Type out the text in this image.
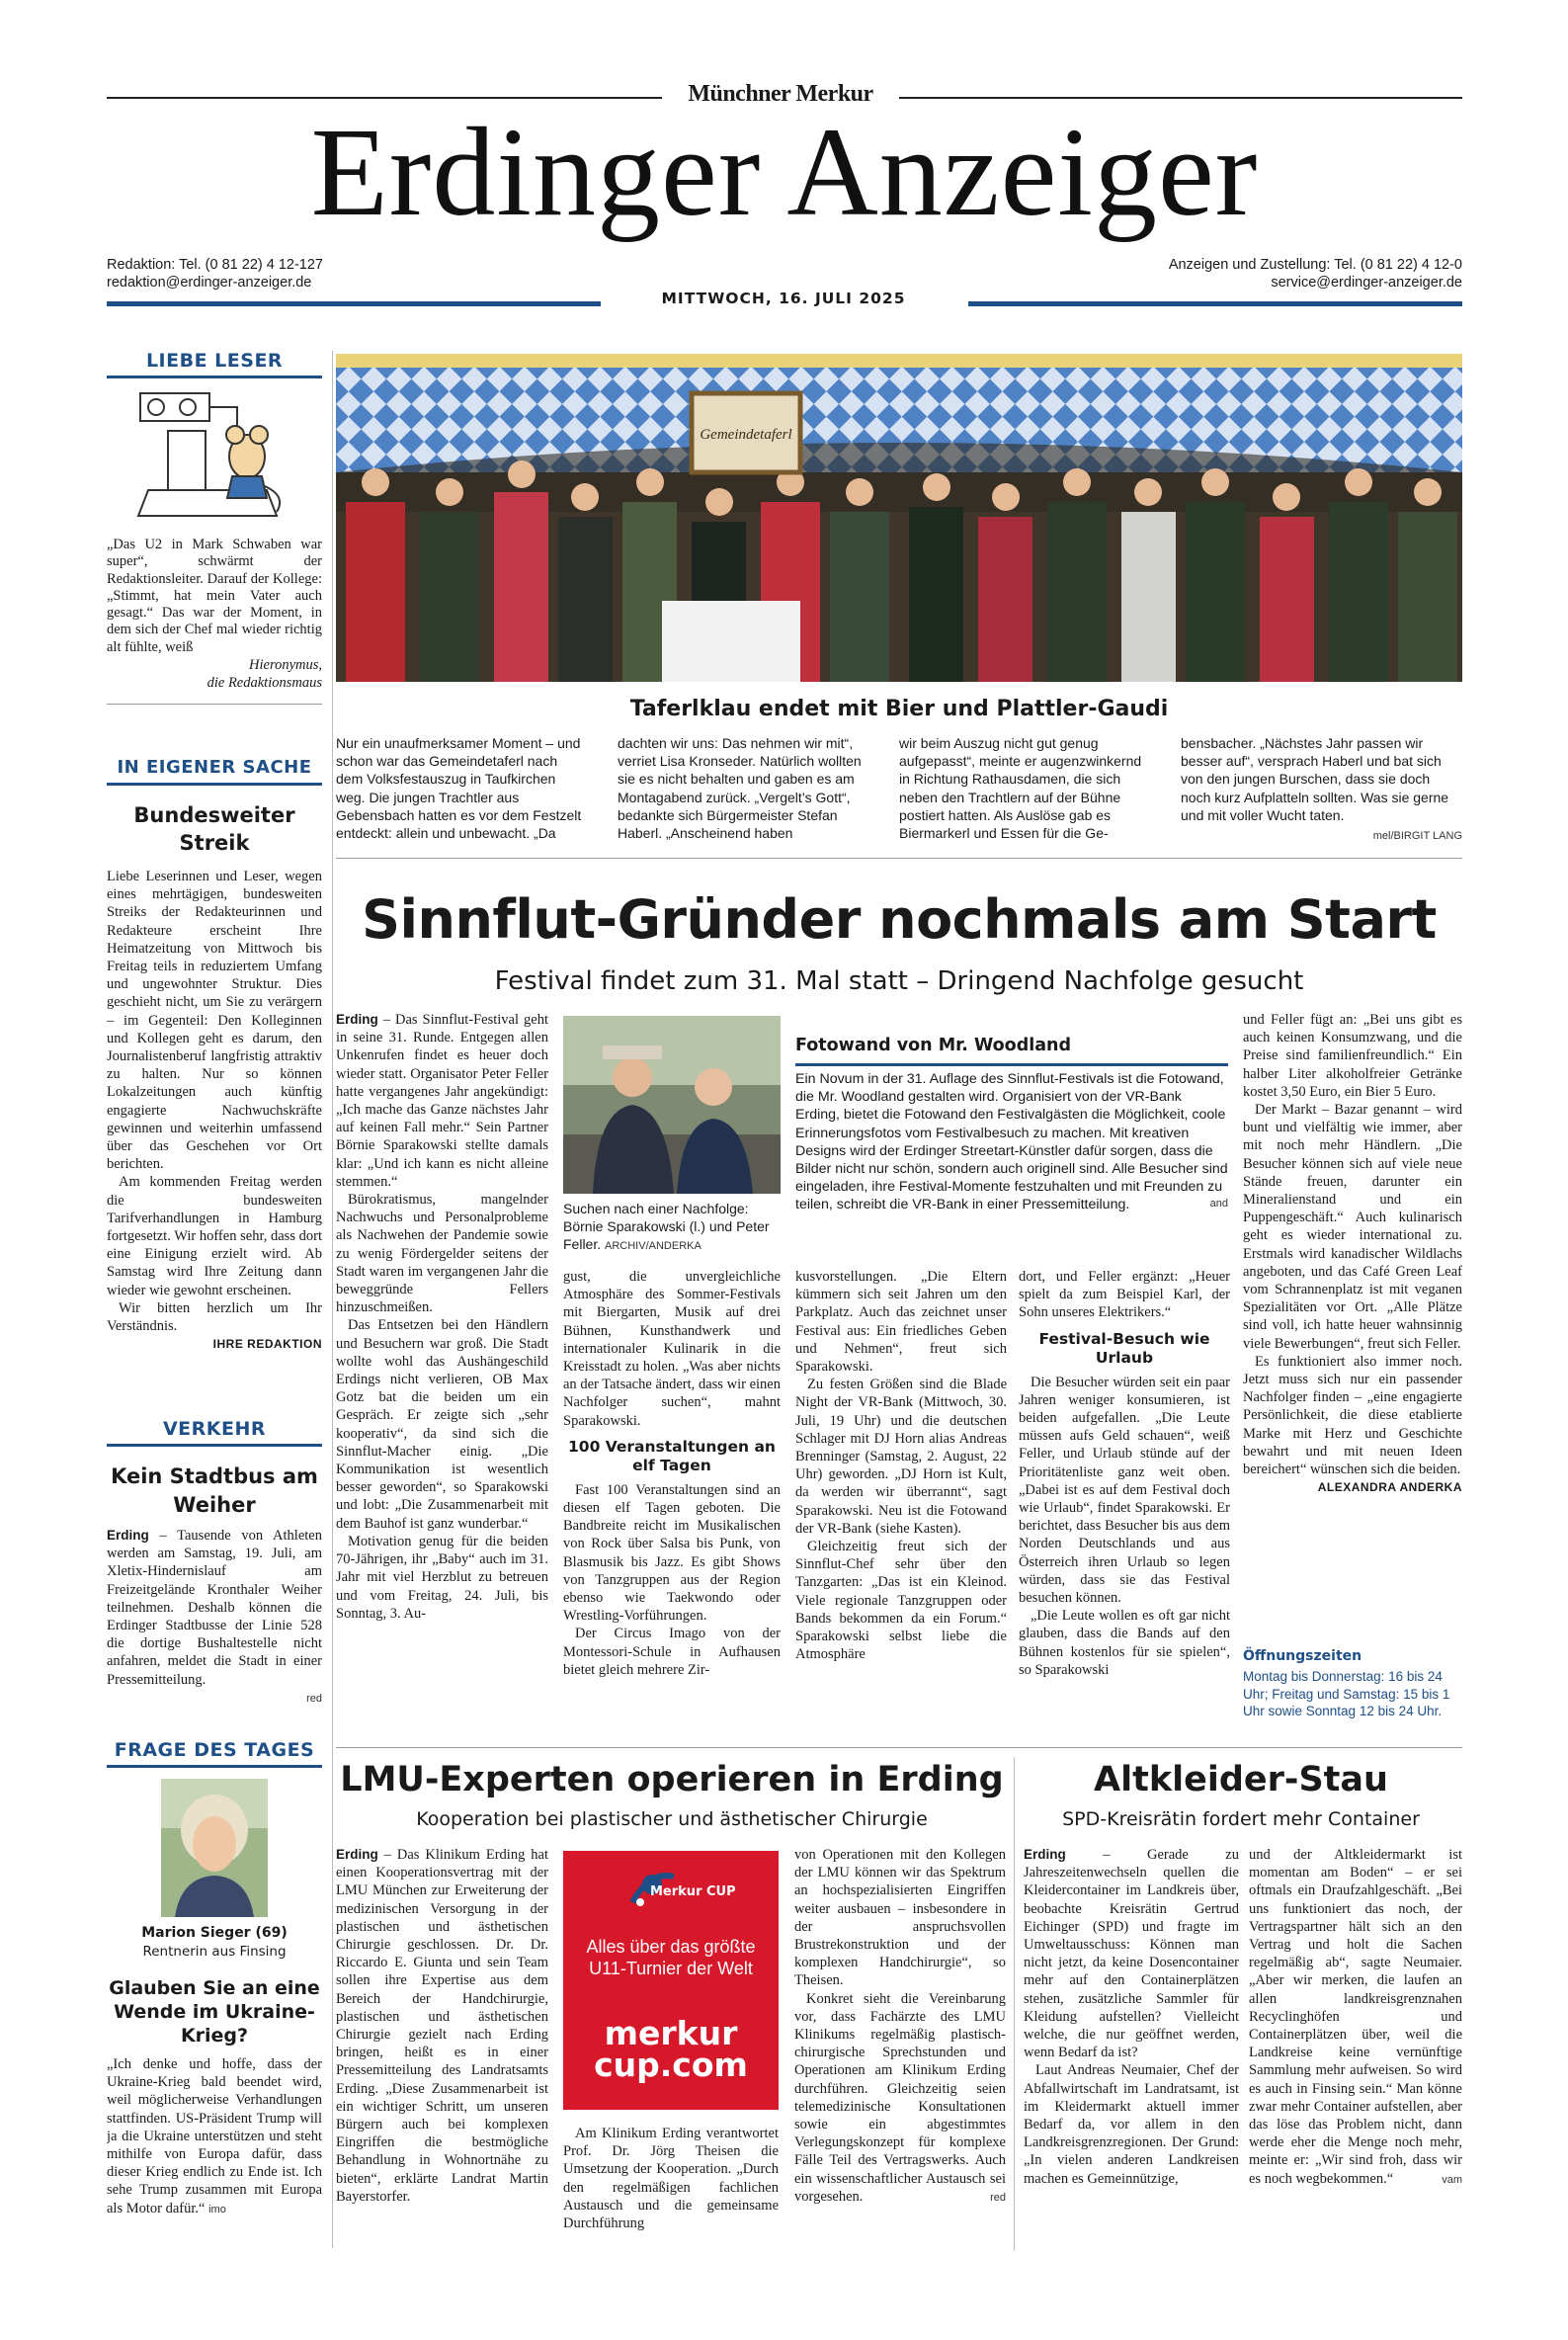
Münchner Merkur
Erdinger Anzeiger
Redaktion: Tel. (0 81 22) 4 12-127
redaktion@erdinger-anzeiger.de
MITTWOCH, 16. JULI 2025
Anzeigen und Zustellung: Tel. (0 81 22) 4 12-0
service@erdinger-anzeiger.de
LIEBE LESER
„Das U2 in Mark Schwaben war super“, schwärmt der Redaktionsleiter. Darauf der Kollege: „Stimmt, hat mein Vater auch gesagt.“ Das war der Moment, in dem sich der Chef mal wieder richtig alt fühlte, weiß
Hieronymus,
die Redaktionsmaus
IN EIGENER SACHE
Bundesweiter Streik

Liebe Leserinnen und Leser, wegen eines mehrtägigen, bundesweiten Streiks der Redakteurinnen und Redakteure erscheint Ihre Heimatzeitung von Mittwoch bis Freitag teils in reduziertem Umfang und ungewohnter Struktur. Dies geschieht nicht, um Sie zu verärgern – im Gegenteil: Den Kolleginnen und Kollegen geht es darum, den Journalistenberuf langfristig attraktiv zu halten. Nur so können Lokalzeitungen auch künftig engagierte Nachwuchskräfte gewinnen und weiterhin umfassend über das Geschehen vor Ort berichten.

Am kommenden Freitag werden die bundesweiten Tarifverhandlungen in Hamburg fortgesetzt. Wir hoffen sehr, dass dort eine Einigung erzielt wird. Ab Samstag wird Ihre Zeitung dann wieder wie gewohnt erscheinen.

Wir bitten herzlich um Ihr Verständnis.

IHRE REDAKTION
VERKEHR
Kein Stadtbus am Weiher

Erding – Tausende von Athleten werden am Samstag, 19. Juli, am Xletix-Hindernislauf am Freizeitgelände Kronthaler Weiher teilnehmen. Deshalb können die Erdinger Stadtbusse der Linie 528 die dortige Bushaltestelle nicht anfahren, meldet die Stadt in einer Pressemitteilung.

red
FRAGE DES TAGES
Marion Sieger (69)
Rentnerin aus Finsing
Glauben Sie an eine Wende im Ukraine-Krieg?

„Ich denke und hoffe, dass der Ukraine-Krieg bald beendet wird, weil möglicherweise Verhandlungen stattfinden. US-Präsident Trump will ja die Ukraine unterstützen und steht mithilfe von Europa dafür, dass dieser Krieg endlich zu Ende ist. Ich sehe Trump zusammen mit Europa als Motor dafür.“ imo

Gemeindetaferl
Taferlklau endet mit Bier und Plattler-Gaudi
Nur ein unaufmerksamer Moment – und schon war das Gemeindetaferl nach dem Volksfestauszug in Taufkirchen weg. Die jungen Trachtler aus Gebensbach hatten es vor dem Festzelt entdeckt: allein und unbewacht. „Da
dachten wir uns: Das nehmen wir mit“, verriet Lisa Kronseder. Natürlich wollten sie es nicht behalten und gaben es am Montagabend zurück. „Vergelt’s Gott“, bedankte sich Bürgermeister Stefan Haberl. „Anscheinend haben
wir beim Auszug nicht gut genug aufgepasst“, meinte er augenzwinkernd in Richtung Rathausdamen, die sich neben den Trachtlern auf der Bühne postiert hatten. Als Auslöse gab es Biermarkerl und Essen für die Ge-
bensbacher. „Nächstes Jahr passen wir besser auf“, versprach Haberl und bat sich von den jungen Burschen, dass sie doch noch kurz Aufplatteln sollten. Was sie gerne und mit voller Wucht taten.
mel/BIRGIT LANG
Sinnflut-Gründer nochmals am Start
Festival findet zum 31. Mal statt – Dringend Nachfolge gesucht

Erding – Das Sinnflut-Festival geht in seine 31. Runde. Entgegen allen Unkenrufen findet es heuer doch wieder statt. Organisator Peter Feller hatte vergangenes Jahr angekündigt: „Ich mache das Ganze nächstes Jahr auf keinen Fall mehr.“ Sein Partner Börnie Sparakowski stellte damals klar: „Und ich kann es nicht alleine stemmen.“

Bürokratismus, mangelnder Nachwuchs und Personalprobleme als Nachwehen der Pandemie sowie zu wenig Fördergelder seitens der Stadt waren im vergangenen Jahr die beweggründe Fellers hinzuschmeißen.

Das Entsetzen bei den Händlern und Besuchern war groß. Die Stadt wollte wohl das Aushängeschild Erdings nicht verlieren, OB Max Gotz bat die beiden um ein Gespräch. Er zeigte sich „sehr kooperativ“, da sind sich die Sinnflut-Macher einig. „Die Kommunikation ist wesentlich besser geworden“, so Sparakowski und lobt: „Die Zusammenarbeit mit dem Bauhof ist ganz wunderbar.“

Motivation genug für die beiden 70-Jährigen, ihr „Baby“ auch im 31. Jahr mit viel Herzblut zu betreuen und vom Freitag, 24. Juli, bis Sonntag, 3. Au-

Suchen nach einer Nachfolge: Börnie Sparakowski (l.) und Peter Feller. ARCHIV/ANDERKA
Fotowand von Mr. Woodland
Ein Novum in der 31. Auflage des Sinnflut-Festivals ist die Fotowand, die Mr. Woodland gestalten wird. Organisiert von der VR-Bank Erding, bietet die Fotowand den Festivalgästen die Möglichkeit, coole Erinnerungsfotos vom Festivalbesuch zu machen. Mit kreativen Designs wird der Erdinger Streetart-Künstler dafür sorgen, dass die Bilder nicht nur schön, sondern auch originell sind. Alle Besucher sind eingeladen, ihre Festival-Momente festzuhalten und mit Freunden zu teilen, schreibt die VR-Bank in einer Pressemitteilung.	and

gust, die unvergleichliche Atmosphäre des Sommer-Festivals mit Biergarten, Musik auf drei Bühnen, Kunsthandwerk und internationaler Kulinarik in die Kreisstadt zu holen. „Was aber nichts an der Tatsache ändert, dass wir einen Nachfolger suchen“, mahnt Sparakowski.

100 Veranstaltungen an elf Tagen

Fast 100 Veranstaltungen sind an diesen elf Tagen geboten. Die Bandbreite reicht im Musikalischen von Rock über Salsa bis Punk, von Blasmusik bis Jazz. Es gibt Shows von Tanzgruppen aus der Region ebenso wie Taekwondo oder Wrestling-Vorführungen.

Der Circus Imago von der Montessori-Schule in Aufhausen bietet gleich mehrere Zir-

kusvorstellungen. „Die Eltern kümmern sich seit Jahren um den Parkplatz. Auch das zeichnet unser Festival aus: Ein friedliches Geben und Nehmen“, freut sich Sparakowski.

Zu festen Größen sind die Blade Night der VR-Bank (Mittwoch, 30. Juli, 19 Uhr) und die deutschen Schlager mit DJ Horn alias Andreas Brenninger (Samstag, 2. August, 22 Uhr) geworden. „DJ Horn ist Kult, da werden wir überrannt“, sagt Sparakowski. Neu ist die Fotowand der VR-Bank (siehe Kasten).

Gleichzeitig freut sich der Sinnflut-Chef sehr über den Tanzgarten: „Das ist ein Kleinod. Viele regionale Tanzgruppen oder Bands bekommen da ein Forum.“ Sparakowski selbst liebe die Atmosphäre

dort, und Feller ergänzt: „Heuer spielt da zum Beispiel Karl, der Sohn unseres Elektrikers.“

Festival-Besuch wie Urlaub

Die Besucher würden seit ein paar Jahren weniger konsumieren, ist beiden aufgefallen. „Die Leute müssen aufs Geld schauen“, weiß Feller, und Urlaub stünde auf der Prioritätenliste ganz weit oben. „Dabei ist es auf dem Festival doch wie Urlaub“, findet Sparakowski. Er berichtet, dass Besucher bis aus dem Norden Deutschlands und aus Österreich ihren Urlaub so legen würden, dass sie das Festival besuchen können.

„Die Leute wollen es oft gar nicht glauben, dass die Bands auf den Bühnen kostenlos für sie spielen“, so Sparakowski

und Feller fügt an: „Bei uns gibt es auch keinen Konsumzwang, und die Preise sind familienfreundlich.“ Ein halber Liter alkoholfreier Getränke kostet 3,50 Euro, ein Bier 5 Euro.

Der Markt – Bazar genannt – wird bunt und vielfältig wie immer, aber mit noch mehr Händlern. „Die Besucher können sich auf viele neue Stände freuen, darunter ein Mineralienstand und ein Puppengeschäft.“ Auch kulinarisch geht es wieder international zu. Erstmals wird kanadischer Wildlachs angeboten, und das Café Green Leaf vom Schrannenplatz ist mit veganen Spezialitäten vor Ort. „Alle Plätze sind voll, ich hatte heuer wahnsinnig viele Bewerbungen“, freut sich Feller.

Es funktioniert also immer noch. Jetzt muss sich nur ein passender Nachfolger finden – „eine engagierte Persönlichkeit, die diese etablierte Marke mit Herz und Geschichte bewahrt und mit neuen Ideen bereichert“ wünschen sich die beiden.

ALEXANDRA ANDERKA
Öffnungszeiten
Montag bis Donnerstag: 16 bis 24 Uhr; Freitag und Samstag: 15 bis 1 Uhr sowie Sonntag 12 bis 24 Uhr.
LMU-Experten operieren in Erding
Kooperation bei plastischer und ästhetischer Chirurgie

Erding – Das Klinikum Erding hat einen Kooperationsvertrag mit der LMU München zur Erweiterung der medizinischen Versorgung in der plastischen und ästhetischen Chirurgie geschlossen. Dr. Dr. Riccardo E. Giunta und sein Team sollen ihre Expertise aus dem Bereich der Handchirurgie, plastischen und ästhetischen Chirurgie gezielt nach Erding bringen, heißt es in einer Pressemitteilung des Landratsamts Erding. „Diese Zusammenarbeit ist ein wichtiger Schritt, um unseren Bürgern auch bei komplexen Eingriffen die bestmögliche Behandlung in Wohnortnähe zu bieten“, erklärte Landrat Martin Bayerstorfer.

Merkur CUP
Alles über das größte U11-Turnier der Welt
merkur
cup.com

Am Klinikum Erding verantwortet Prof. Dr. Jörg Theisen die Umsetzung der Kooperation. „Durch den regelmäßigen fachlichen Austausch und die gemeinsame Durchführung

von Operationen mit den Kollegen der LMU können wir das Spektrum an hochspezialisierten Eingriffen weiter ausbauen – insbesondere in der anspruchsvollen Brustrekonstruktion und der komplexen Handchirurgie“, so Theisen.

Konkret sieht die Vereinbarung vor, dass Fachärzte des LMU Klinikums regelmäßig plastisch-chirurgische Sprechstunden und Operationen am Klinikum Erding durchführen. Gleichzeitig seien telemedizinische Konsultationen sowie ein abgestimmtes Verlegungskonzept für komplexe Fälle Teil des Vertragswerks. Auch ein wissenschaftlicher Austausch sei vorgesehen.	red
Altkleider-Stau
SPD-Kreisrätin fordert mehr Container

Erding – Gerade zu Jahreszeitenwechseln quellen die Kleidercontainer im Landkreis über, beobachte Kreisrätin Gertrud Eichinger (SPD) und fragte im Umweltausschuss: Können man nicht jetzt, da keine Dosencontainer mehr auf den Containerplätzen stehen, zusätzliche Sammler für Kleidung aufstellen? Vielleicht welche, die nur geöffnet werden, wenn Bedarf da ist?

Laut Andreas Neumaier, Chef der Abfallwirtschaft im Landratsamt, ist im Kleidermarkt aktuell immer Bedarf da, vor allem in den Landkreisgrenzregionen. Der Grund: „In vielen anderen Landkreisen machen es Gemeinnützige,

und der Altkleidermarkt ist momentan am Boden“ – er sei oftmals ein Draufzahlgeschäft. „Bei uns funktioniert das noch, der Vertragspartner hält sich an den Vertrag und holt die Sachen regelmäßig ab“, sagte Neumaier. „Aber wir merken, die laufen an allen landkreisgrenznahen Recyclinghöfen und Containerplätzen über, weil die Landkreise keine vernünftige Sammlung mehr aufweisen. So wird es auch in Finsing sein.“ Man könne zwar mehr Container aufstellen, aber das löse das Problem nicht, dann werde eher die Menge noch mehr, meinte er: „Wir sind froh, dass wir es noch wegbekommen.“	vam
